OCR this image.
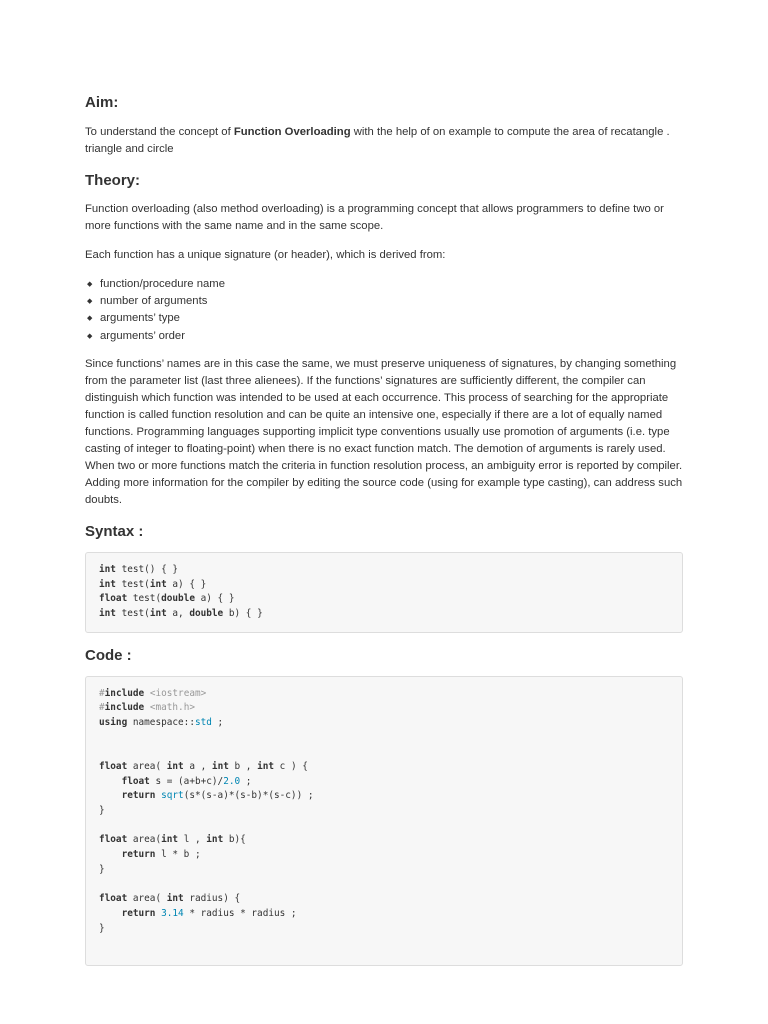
Aim:

To understand the concept of Function Overloading with the help of on example to compute the area of recatangle . triangle and circle

Theory:

Function overloading (also method overloading) is a programming concept that allows programmers to define two or more functions with the same name and in the same scope.

Each function has a unique signature (or header), which is derived from:

◆ function/procedure name
◆ number of arguments
◆ arguments’ type
◆ arguments’ order

Since functions’ names are in this case the same, we must preserve uniqueness of signatures, by changing something from the parameter list (last three alienees). If the functions’ signatures are sufficiently different, the compiler can distinguish which function was intended to be used at each occurrence. This process of searching for the appropriate function is called function resolution and can be quite an intensive one, especially if there are a lot of equally named functions. Programming languages supporting implicit type conventions usually use promotion of arguments (i.e. type casting of integer to floating-point) when there is no exact function match. The demotion of arguments is rarely used. When two or more functions match the criteria in function resolution process, an ambiguity error is reported by compiler. Adding more information for the compiler by editing the source code (using for example type casting), can address such doubts.

Syntax :
int test() { }
int test(int a) { }
float test(double a) { }
int test(int a, double b) { }
Code :
#include <iostream>
#include <math.h>
using namespace::std ;
float area( int a , int b , int c ) {
float s = (a+b+c)/2.0 ;
return sqrt(s*(s-a)*(s-b)*(s-c)) ;
}
float area(int l , int b){
return l * b ;
}
float area( int radius) {
return 3.14 * radius * radius ;
}
